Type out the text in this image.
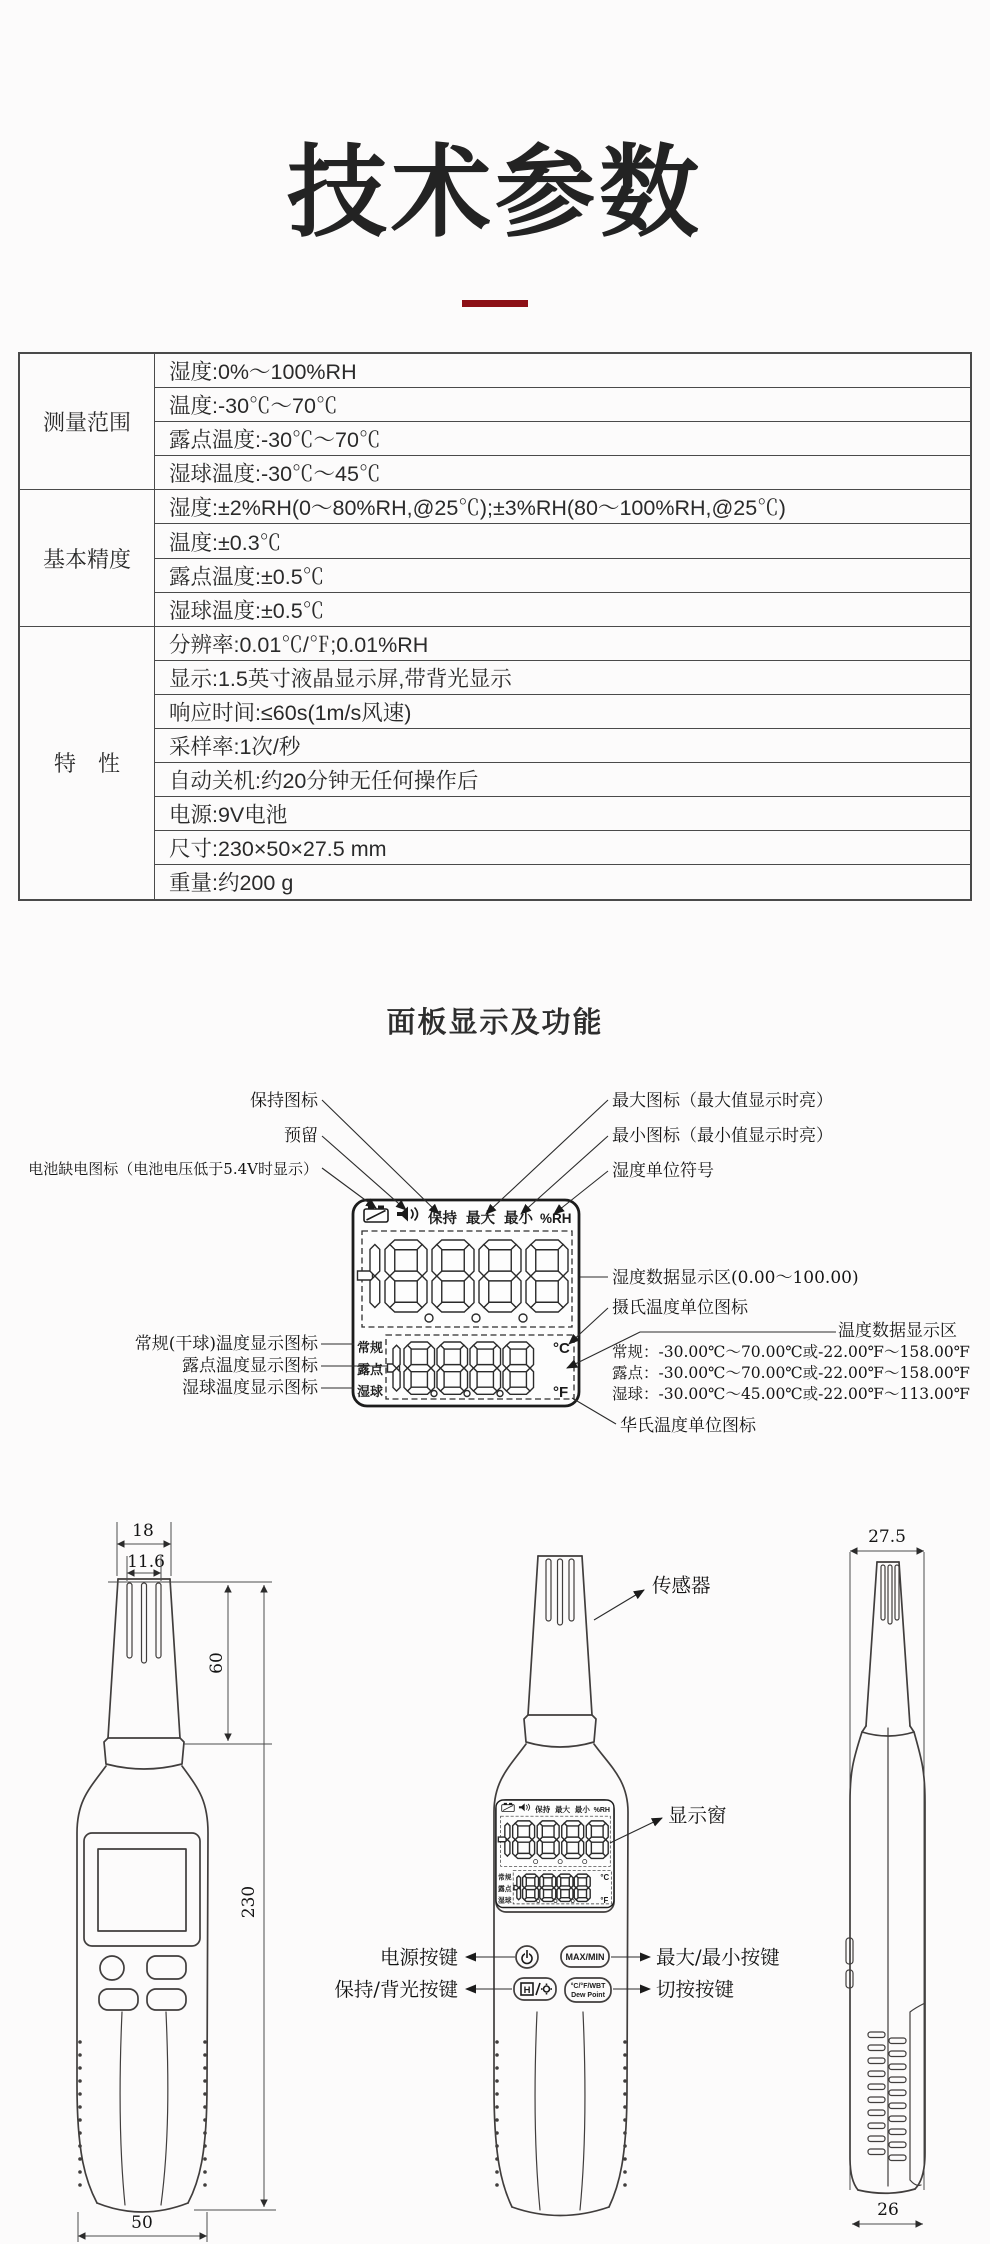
技术参数
测量范围	湿度:0%～100%RH
	温度:-30℃～70℃
	露点温度:-30℃～70℃
	湿球温度:-30℃～45℃
基本精度	湿度:±2%RH(0～80%RH,@25℃);±3%RH(80～100%RH,@25℃)
	温度:±0.3℃
	露点温度:±0.5℃
	湿球温度:±0.5℃
特　性	分辨率:0.01℃/℉;0.01%RH
	显示:1.5英寸液晶显示屏,带背光显示
	响应时间:≤60s(1m/s风速)
	采样率:1次/秒
	自动关机:约20分钟无任何操作后
	电源:9V电池
	尺寸:230×50×27.5 mm
	重量:约200 g
面板显示及功能
保持 最大 最小 %RH
常规
露点
湿球
°C
°F
保持图标
预留
电池缺电图标（电池电压低于5.4V时显示）
常规(干球)温度显示图标
露点温度显示图标
湿球温度显示图标
最大图标（最大值显示时亮）
最小图标（最小值显示时亮）
湿度单位符号
湿度数据显示区(0.00～100.00)
摄氏温度单位图标
温度数据显示区
常规：-30.00℃～70.00℃或-22.00℉～158.00℉
露点：-30.00℃～70.00℃或-22.00℉～158.00℉
湿球：-30.00℃～45.00℃或-22.00℉～113.00℉
华氏温度单位图标
18
11.6
60
230
50
MAX/MIN
H	°C/°F/WBT
Dew Point
传感器
显示窗
电源按键
保持/背光按键
最大/最小按键
切按按键
27.5
26
